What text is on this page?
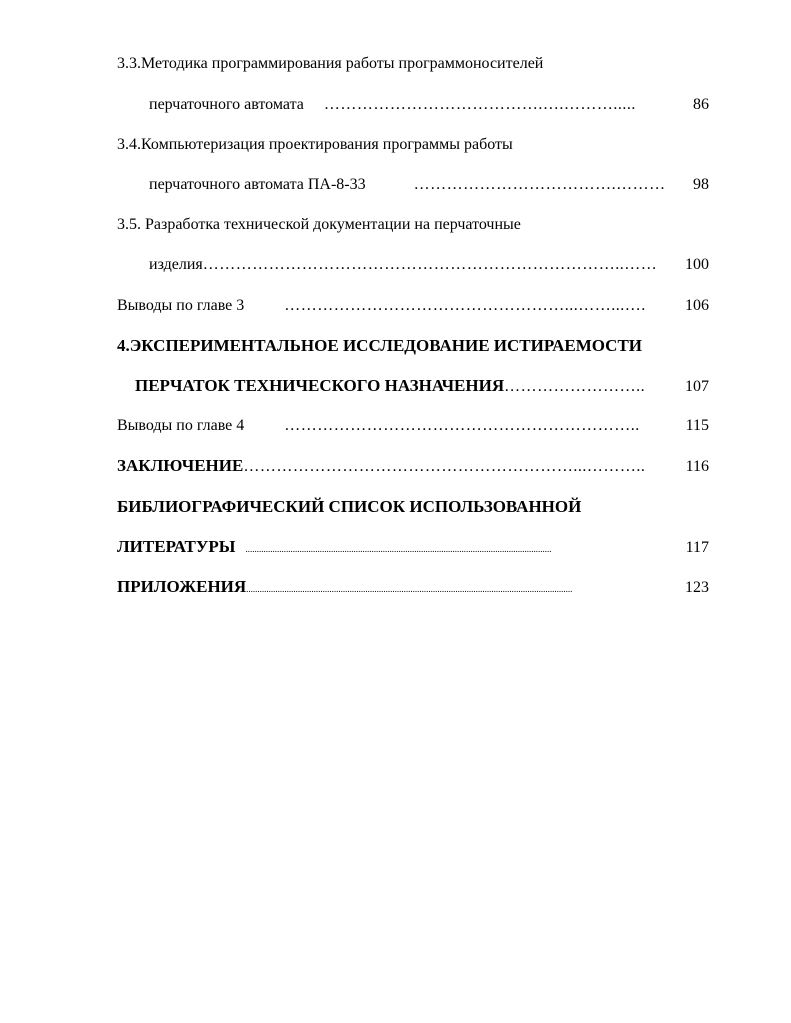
3.3.Методика программирования работы программоносителей
перчаточного автомата ………………………………….….……….....	86
3.4.Компьютеризация проектирования программы работы
перчаточного автомата ПА-8-33	……………………………….………	98
3.5. Разработка технической документации на перчаточные
изделия …………………………………………………………………..……	100
Выводы по главе 3	……………………………………………...……...….	106
4.ЭКСПЕРИМЕНТАЛЬНОЕ ИССЛЕДОВАНИЕ ИСТИРАЕМОСТИ
ПЕРЧАТОК ТЕХНИЧЕСКОГО НАЗНАЧЕНИЯ ……………………..	107
Выводы по главе 4	………………………………………………………..	115
ЗАКЛЮЧЕНИЕ ……………………………………………………...………..	116
БИБЛИОГРАФИЧЕСКИЙ СПИСОК ИСПОЛЬЗОВАННОЙ
ЛИТЕРАТУРЫ ........................................................................................................................................	117
ПРИЛОЖЕНИЯ .................................................................................................................................................	123
